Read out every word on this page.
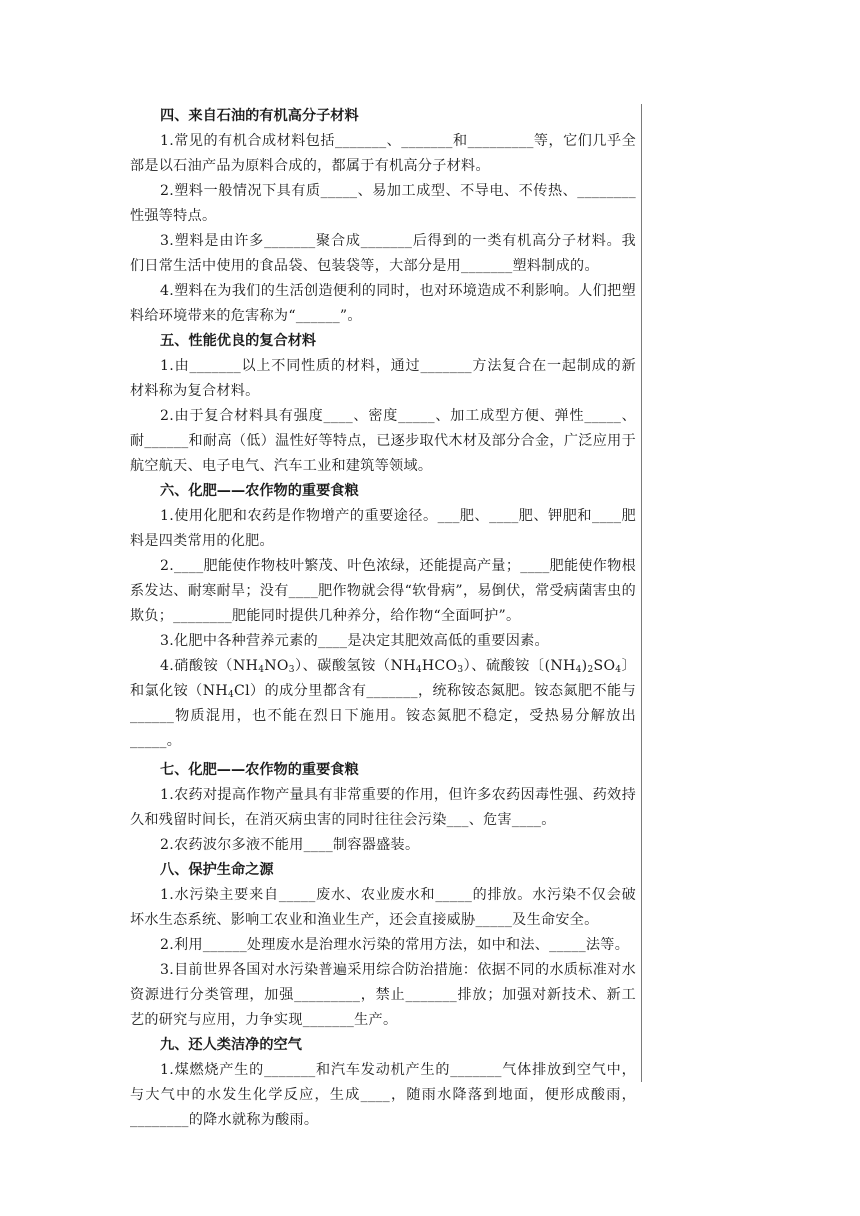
四、来自石油的有机高分子材料

1.常见的有机合成材料包括_______、_______和_________等，它们几乎全部是以石油产品为原料合成的，都属于有机高分子材料。

2.塑料一般情况下具有质_____、易加工成型、不导电、不传热、________性强等特点。

3.塑料是由许多_______聚合成_______后得到的一类有机高分子材料。我们日常生活中使用的食品袋、包装袋等，大部分是用_______塑料制成的。

4.塑料在为我们的生活创造便利的同时，也对环境造成不利影响。人们把塑料给环境带来的危害称为“______”。

五、性能优良的复合材料

1.由_______以上不同性质的材料，通过_______方法复合在一起制成的新材料称为复合材料。

2.由于复合材料具有强度____、密度_____、加工成型方便、弹性_____、耐______和耐高（低）温性好等特点，已逐步取代木材及部分合金，广泛应用于航空航天、电子电气、汽车工业和建筑等领域。

六、化肥——农作物的重要食粮

1.使用化肥和农药是作物增产的重要途径。___肥、____肥、钾肥和____肥料是四类常用的化肥。

2.____肥能使作物枝叶繁茂、叶色浓绿，还能提高产量；____肥能使作物根系发达、耐寒耐旱；没有____肥作物就会得“软骨病”，易倒伏，常受病菌害虫的欺负；________肥能同时提供几种养分，给作物“全面呵护”。

3.化肥中各种营养元素的____是决定其肥效高低的重要因素。

4.硝酸铵$(NH_4NO_3)$、碳酸氢铵$(NH_4HCO_3)$、硫酸铵〔$(NH_4)_2SO_4$〕和氯化铵$(NH_4Cl)$的成分里都含有_______，统称铵态氮肥。铵态氮肥不能与______物质混用，也不能在烈日下施用。铵态氮肥不稳定，受热易分解放出_____。

七、化肥——农作物的重要食粮

1.农药对提高作物产量具有非常重要的作用，但许多农药因毒性强、药效持久和残留时间长，在消灭病虫害的同时往往会污染___、危害____。

2.农药波尔多液不能用____制容器盛装。

八、保护生命之源

1.水污染主要来自_____废水、农业废水和_____的排放。水污染不仅会破坏水生态系统、影响工农业和渔业生产，还会直接威胁_____及生命安全。

2.利用______处理废水是治理水污染的常用方法，如中和法、_____法等。

3.目前世界各国对水污染普遍采用综合防治措施：依据不同的水质标准对水资源进行分类管理，加强_________，禁止_______排放；加强对新技术、新工艺的研究与应用，力争实现_______生产。

九、还人类洁净的空气

1.煤燃烧产生的_______和汽车发动机产生的_______气体排放到空气中，与大气中的水发生化学反应，生成____，随雨水降落到地面，便形成酸雨，________的降水就称为酸雨。
